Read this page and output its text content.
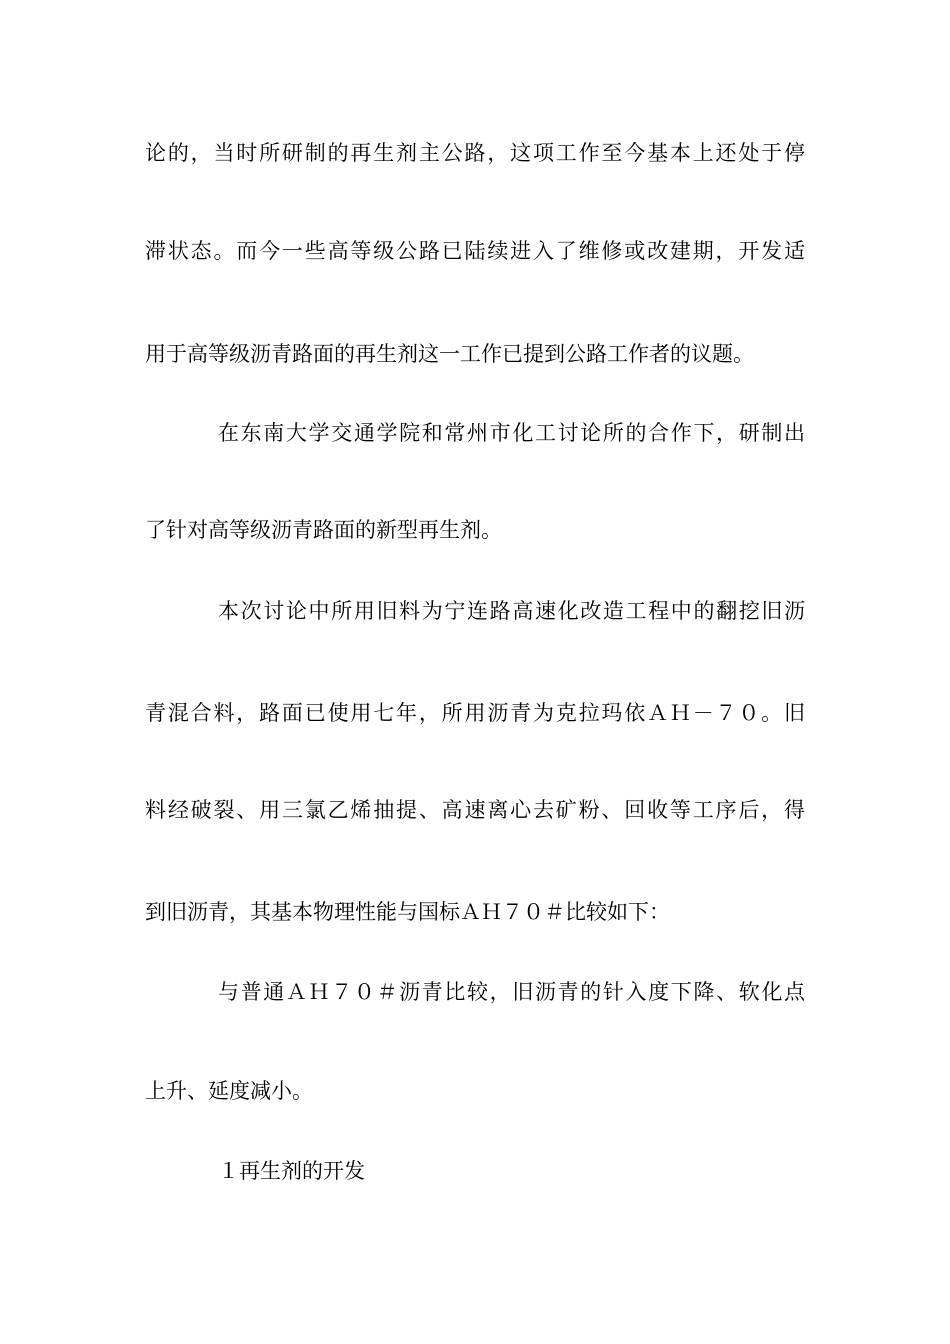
论的，当时所研制的再生剂主公路，这项工作至今基本上还处于停
滞状态。而今一些高等级公路已陆续进入了维修或改建期，开发适
用于高等级沥青路面的再生剂这一工作已提到公路工作者的议题。
在东南大学交通学院和常州市化工讨论所的合作下，研制出
了针对高等级沥青路面的新型再生剂。
本次讨论中所用旧料为宁连路高速化改造工程中的翻挖旧沥
青混合料，路面已使用七年，所用沥青为克拉玛依ＡＨ－７０。旧
料经破裂、用三氯乙烯抽提、高速离心去矿粉、回收等工序后，得
到旧沥青，其基本物理性能与国标ＡＨ７０＃比较如下：
与普通ＡＨ７０＃沥青比较，旧沥青的针入度下降、软化点
上升、延度减小。
１再生剂的开发
